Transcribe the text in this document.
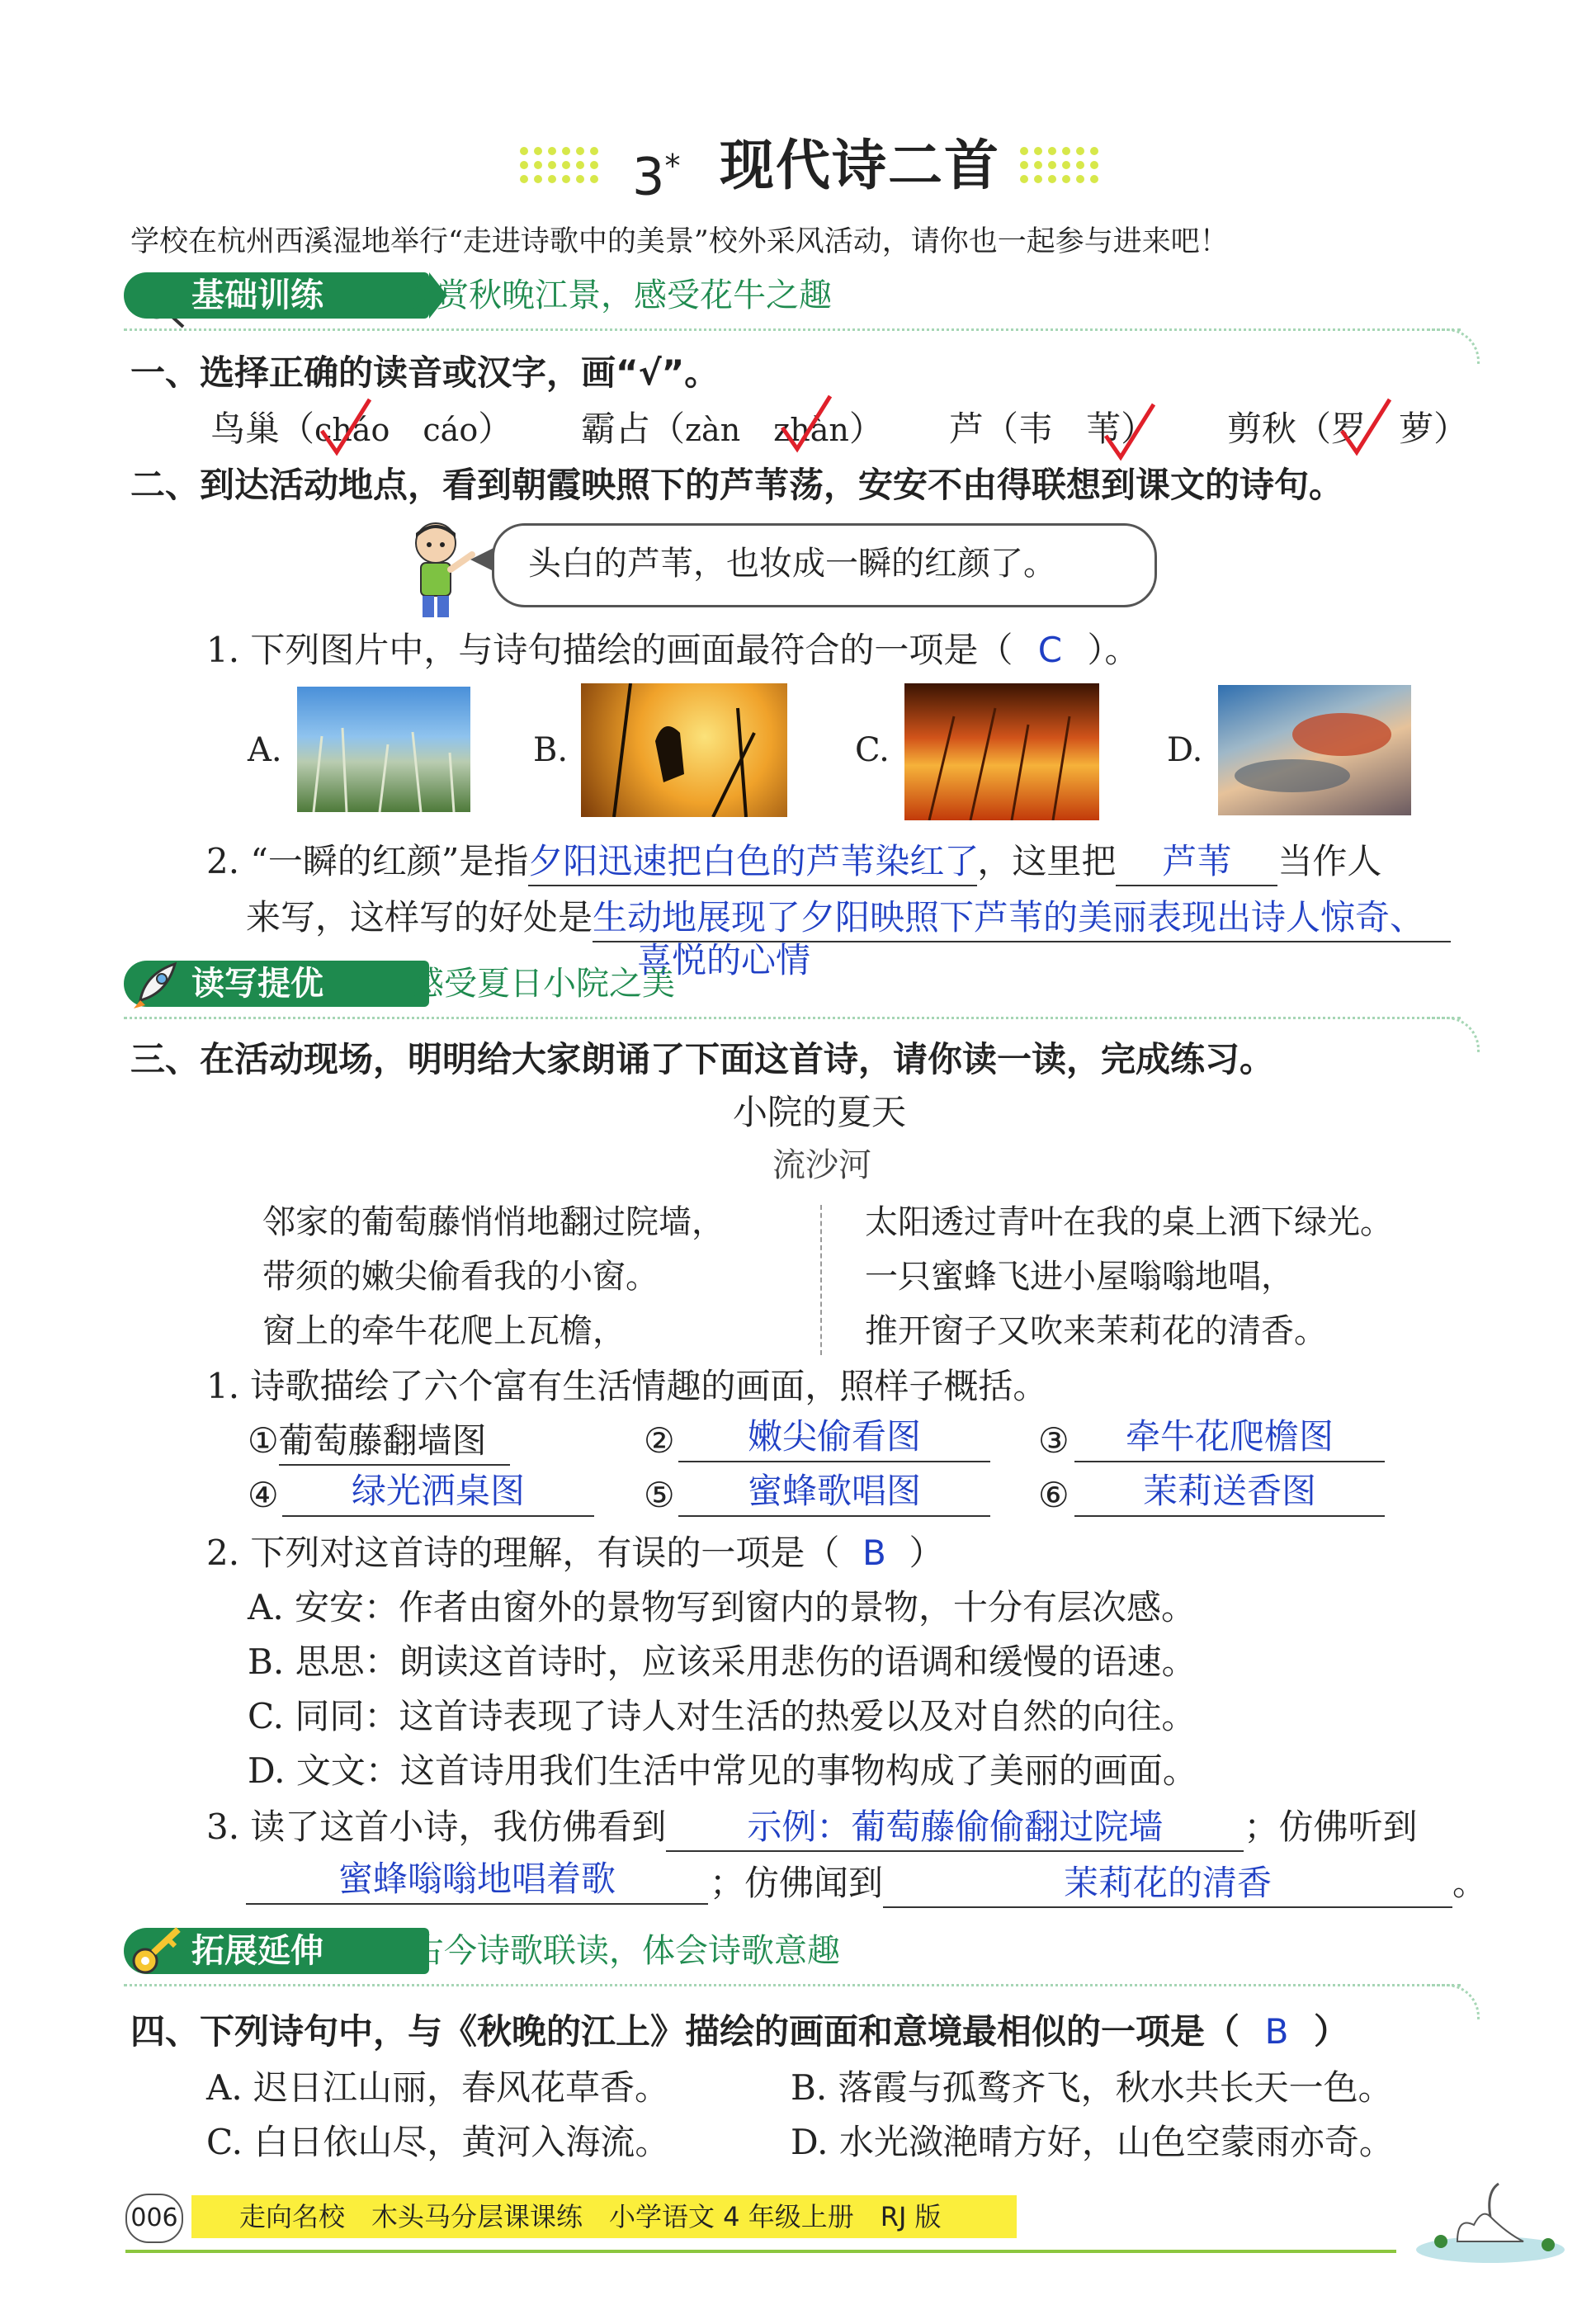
3* 现代诗二首
学校在杭州西溪湿地举行“走进诗歌中的美景”校外采风活动，请你也一起参与进来吧！
基础训练	欣赏秋晚江景，感受花牛之趣
一、选择正确的读音或汉字，画“√”。
鸟巢（cháo cáo） 霸占（zàn zhàn） 芦（韦 苇） 剪秋（罗 萝）
二、到达活动地点，看到朝霞映照下的芦苇荡，安安不由得联想到课文的诗句。
头白的芦苇，也妆成一瞬的红颜了。
1. 下列图片中，与诗句描绘的画面最符合的一项是（ C ）。
A.	B.	C.	D.
2. “一瞬的红颜”是指夕阳迅速把白色的芦苇染红了，这里把 芦苇 当作人
来写，这样写的好处是生动地展现了夕阳映照下芦苇的美丽表现出诗人惊奇、
喜悦的心情
读写提优	感受夏日小院之美
三、在活动现场，明明给大家朗诵了下面这首诗，请你读一读，完成练习。
小院的夏天
流沙河
邻家的葡萄藤悄悄地翻过院墙，
带须的嫩尖偷看我的小窗。
窗上的牵牛花爬上瓦檐，
太阳透过青叶在我的桌上洒下绿光。
一只蜜蜂飞进小屋嗡嗡地唱，
推开窗子又吹来茉莉花的清香。
1. 诗歌描绘了六个富有生活情趣的画面，照样子概括。
①葡萄藤翻墙图	②	嫩尖偷看图	③	牵牛花爬檐图
④	绿光洒桌图	⑤	蜜蜂歌唱图	⑥	茉莉送香图
2. 下列对这首诗的理解，有误的一项是（ B ）
A. 安安：作者由窗外的景物写到窗内的景物，十分有层次感。
B. 思思：朗读这首诗时，应该采用悲伤的语调和缓慢的语速。
C. 同同：这首诗表现了诗人对生活的热爱以及对自然的向往。
D. 文文：这首诗用我们生活中常见的事物构成了美丽的画面。
3. 读了这首小诗，我仿佛看到 示例：葡萄藤偷偷翻过院墙 ；仿佛听到
蜜蜂嗡嗡地唱着歌	；仿佛闻到	茉莉花的清香	。
拓展延伸	古今诗歌联读，体会诗歌意趣
四、下列诗句中，与《秋晚的江上》描绘的画面和意境最相似的一项是（ B ）
A. 迟日江山丽，春风花草香。	B. 落霞与孤鹜齐飞，秋水共长天一色。
C. 白日依山尽，黄河入海流。	D. 水光潋滟晴方好，山色空蒙雨亦奇。
006 走向名校　木头马分层课课练　小学语文 4 年级上册　RJ 版
